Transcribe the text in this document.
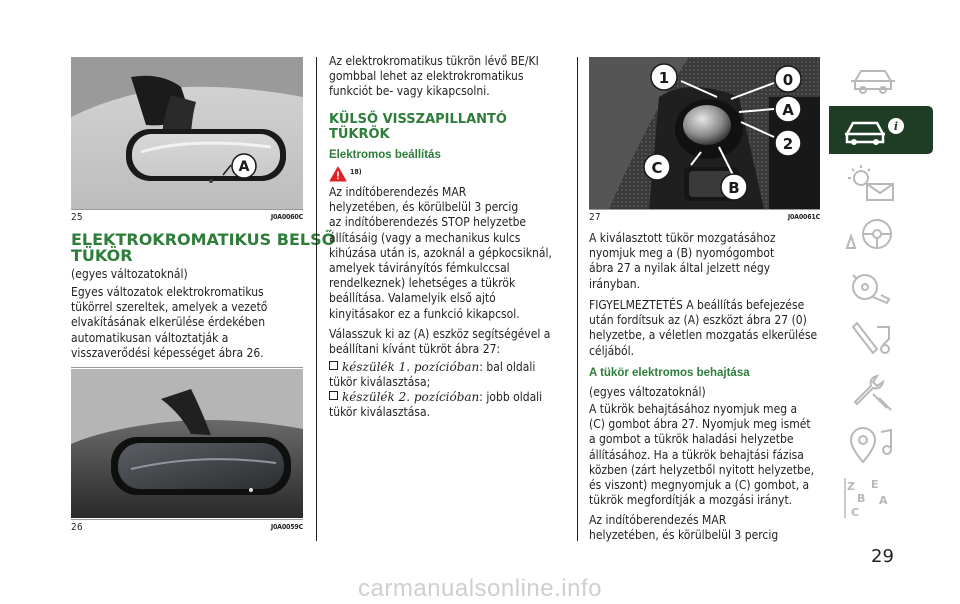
A
25	J0A0060C
ELEKTROKROMATIKUS BELSŐ
TÜKÖR
(egyes változatoknál)
Egyes változatok elektrokromatikus
tükörrel szereltek, amelyek a vezető
elvakításának elkerülése érdekében
automatikusan változtatják a
visszaverődési képességet ábra 26.
26	J0A0059C
Az elektrokromatikus tükrön lévő BE/KI
gombbal lehet az elektrokromatikus
funkciót be- vagy kikapcsolni.
KÜLSŐ VISSZAPILLANTÓ
TÜKRÖK
Elektromos beállítás
18)
Az indítóberendezés MAR
helyzetében, és körülbelül 3 percig
az indítóberendezés STOP helyzetbe
állításáig (vagy a mechanikus kulcs
kihúzása után is, azoknál a gépkocsiknál,
amelyek távirányítós fémkulccsal
rendelkeznek) lehetséges a tükrök
beállítása. Valamelyik első ajtó
kinyitásakor ez a funkció kikapcsol.
Válasszuk ki az (A) eszköz segítségével a
beállítani kívánt tükröt ábra 27:
készülék 1. pozícióban: bal oldali
tükör kiválasztása;
készülék 2. pozícióban: jobb oldali
tükör kiválasztása.
1	0
A
2
C
B
27	J0A0061C
A kiválasztott tükör mozgatásához
nyomjuk meg a (B) nyomógombot
ábra 27 a nyilak által jelzett négy
irányban.
FIGYELMEZTETÉS A beállítás befejezése
után fordítsuk az (A) eszközt ábra 27 (0)
helyzetbe, a véletlen mozgatás elkerülése
céljából.
A tükör elektromos behajtása
(egyes változatoknál)
A tükrök behajtásához nyomjuk meg a
(C) gombot ábra 27. Nyomjuk meg ismét
a gombot a tükrök haladási helyzetbe
állításához. Ha a tükrök behajtási fázisa
közben (zárt helyzetből nyitott helyzetbe,
és viszont) megnyomjuk a (C) gombot, a
tükrök megfordítják a mozgási irányt.
Az indítóberendezés MAR
helyzetében, és körülbelül 3 percig
i
Z E
B A
C
29
carmanualsonline.info
